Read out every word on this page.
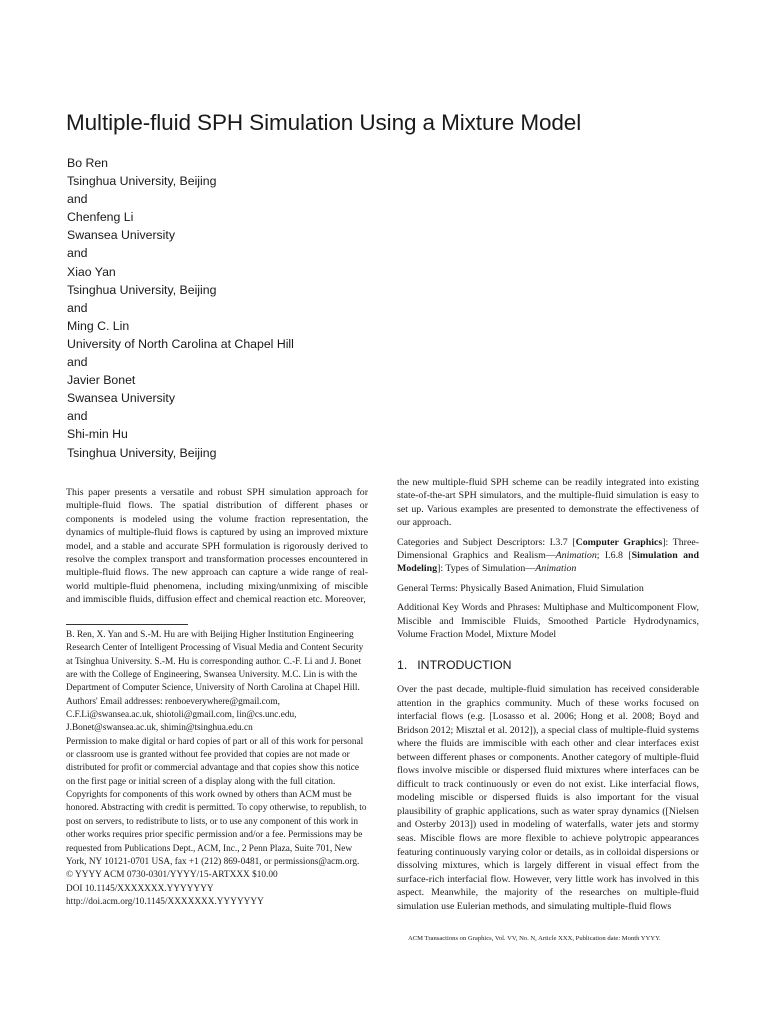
Multiple-fluid SPH Simulation Using a Mixture Model
Bo Ren
Tsinghua University, Beijing
and
Chenfeng Li
Swansea University
and
Xiao Yan
Tsinghua University, Beijing
and
Ming C. Lin
University of North Carolina at Chapel Hill
and
Javier Bonet
Swansea University
and
Shi-min Hu
Tsinghua University, Beijing

This paper presents a versatile and robust SPH simulation approach for multiple-fluid flows. The spatial distribution of different phases or components is modeled using the volume fraction representation, the dynamics of multiple-fluid flows is captured by using an improved mixture model, and a stable and accurate SPH formulation is rigorously derived to resolve the complex transport and transformation processes encountered in multiple-fluid flows. The new approach can capture a wide range of real-world multiple-fluid phenomena, including mixing/unmixing of miscible and immiscible fluids, diffusion effect and chemical reaction etc. Moreover,

the new multiple-fluid SPH scheme can be readily integrated into existing state-of-the-art SPH simulators, and the multiple-fluid simulation is easy to set up. Various examples are presented to demonstrate the effectiveness of our approach.

Categories and Subject Descriptors: I.3.7 [Computer Graphics]: Three-Dimensional Graphics and Realism—Animation; I.6.8 [Simulation and Modeling]: Types of Simulation—Animation

General Terms: Physically Based Animation, Fluid Simulation

Additional Key Words and Phrases: Multiphase and Multicomponent Flow, Miscible and Immiscible Fluids, Smoothed Particle Hydrodynamics, Volume Fraction Model, Mixture Model

B. Ren, X. Yan and S.-M. Hu are with Beijing Higher Institution Engineering Research Center of Intelligent Processing of Visual Media and Content Security at Tsinghua University. S.-M. Hu is corresponding author. C.-F. Li and J. Bonet are with the College of Engineering, Swansea University. M.C. Lin is with the Department of Computer Science, University of North Carolina at Chapel Hill.

Authors' Email addresses: renboeverywhere@gmail.com,
C.F.Li@swansea.ac.uk, shiotoli@gmail.com, lin@cs.unc.edu,
J.Bonet@swansea.ac.uk, shimin@tsinghua.edu.cn

Permission to make digital or hard copies of part or all of this work for personal or classroom use is granted without fee provided that copies are not made or distributed for profit or commercial advantage and that copies show this notice on the first page or initial screen of a display along with the full citation. Copyrights for components of this work owned by others than ACM must be honored. Abstracting with credit is permitted. To copy otherwise, to republish, to post on servers, to redistribute to lists, or to use any component of this work in other works requires prior specific permission and/or a fee. Permissions may be requested from Publications Dept., ACM, Inc., 2 Penn Plaza, Suite 701, New York, NY 10121-0701 USA, fax +1 (212) 869-0481, or permissions@acm.org.

© YYYY ACM 0730-0301/YYYY/15-ARTXXX $10.00
DOI 10.1145/XXXXXXX.YYYYYYY
http://doi.acm.org/10.1145/XXXXXXX.YYYYYYY
1. INTRODUCTION

Over the past decade, multiple-fluid simulation has received considerable attention in the graphics community. Much of these works focused on interfacial flows (e.g. [Losasso et al. 2006; Hong et al. 2008; Boyd and Bridson 2012; Misztal et al. 2012]), a special class of multiple-fluid systems where the fluids are immiscible with each other and clear interfaces exist between different phases or components. Another category of multiple-fluid flows involve miscible or dispersed fluid mixtures where interfaces can be difficult to track continuously or even do not exist. Like interfacial flows, modeling miscible or dispersed fluids is also important for the visual plausibility of graphic applications, such as water spray dynamics ([Nielsen and Osterby 2013]) used in modeling of waterfalls, water jets and stormy seas. Miscible flows are more flexible to achieve polytropic appearances featuring continuously varying color or details, as in colloidal dispersions or dissolving mixtures, which is largely different in visual effect from the surface-rich interfacial flow. However, very little work has involved in this aspect. Meanwhile, the majority of the researches on multiple-fluid simulation use Eulerian methods, and simulating multiple-fluid flows

ACM Transactions on Graphics, Vol. VV, No. N, Article XXX, Publication date: Month YYYY.
